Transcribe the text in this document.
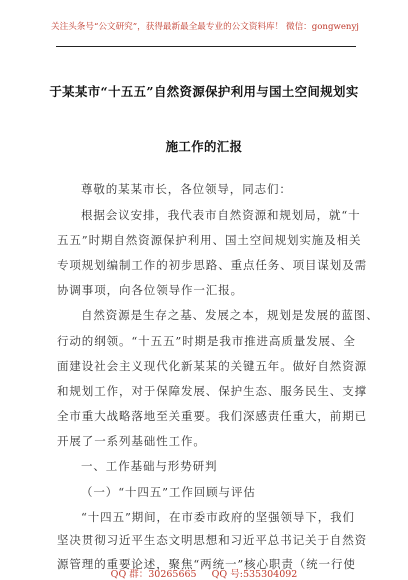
关注头条号“公文研究”，获得最新最全最专业的公文资料库！ 微信：gongwenyj
于某某市“十五五”自然资源保护利用与国土空间规划实
施工作的汇报
尊敬的某某市长，各位领导，同志们：
根据会议安排，我代表市自然资源和规划局，就“十
五五”时期自然资源保护利用、国土空间规划实施及相关
专项规划编制工作的初步思路、重点任务、项目谋划及需
协调事项，向各位领导作一汇报。
自然资源是生存之基、发展之本，规划是发展的蓝图、
行动的纲领。“十五五”时期是我市推进高质量发展、全
面建设社会主义现代化新某某的关键五年。做好自然资源
和规划工作，对于保障发展、保护生态、服务民生、支撑
全市重大战略落地至关重要。我们深感责任重大，前期已
开展了一系列基础性工作。
一、工作基础与形势研判
（一）“十四五”工作回顾与评估
“十四五”期间，在市委市政府的坚强领导下，我们
坚决贯彻习近平生态文明思想和习近平总书记关于自然资
源管理的重要论述，聚焦“两统一”核心职责（统一行使
QQ 群：30265665 QQ 号:535304092
